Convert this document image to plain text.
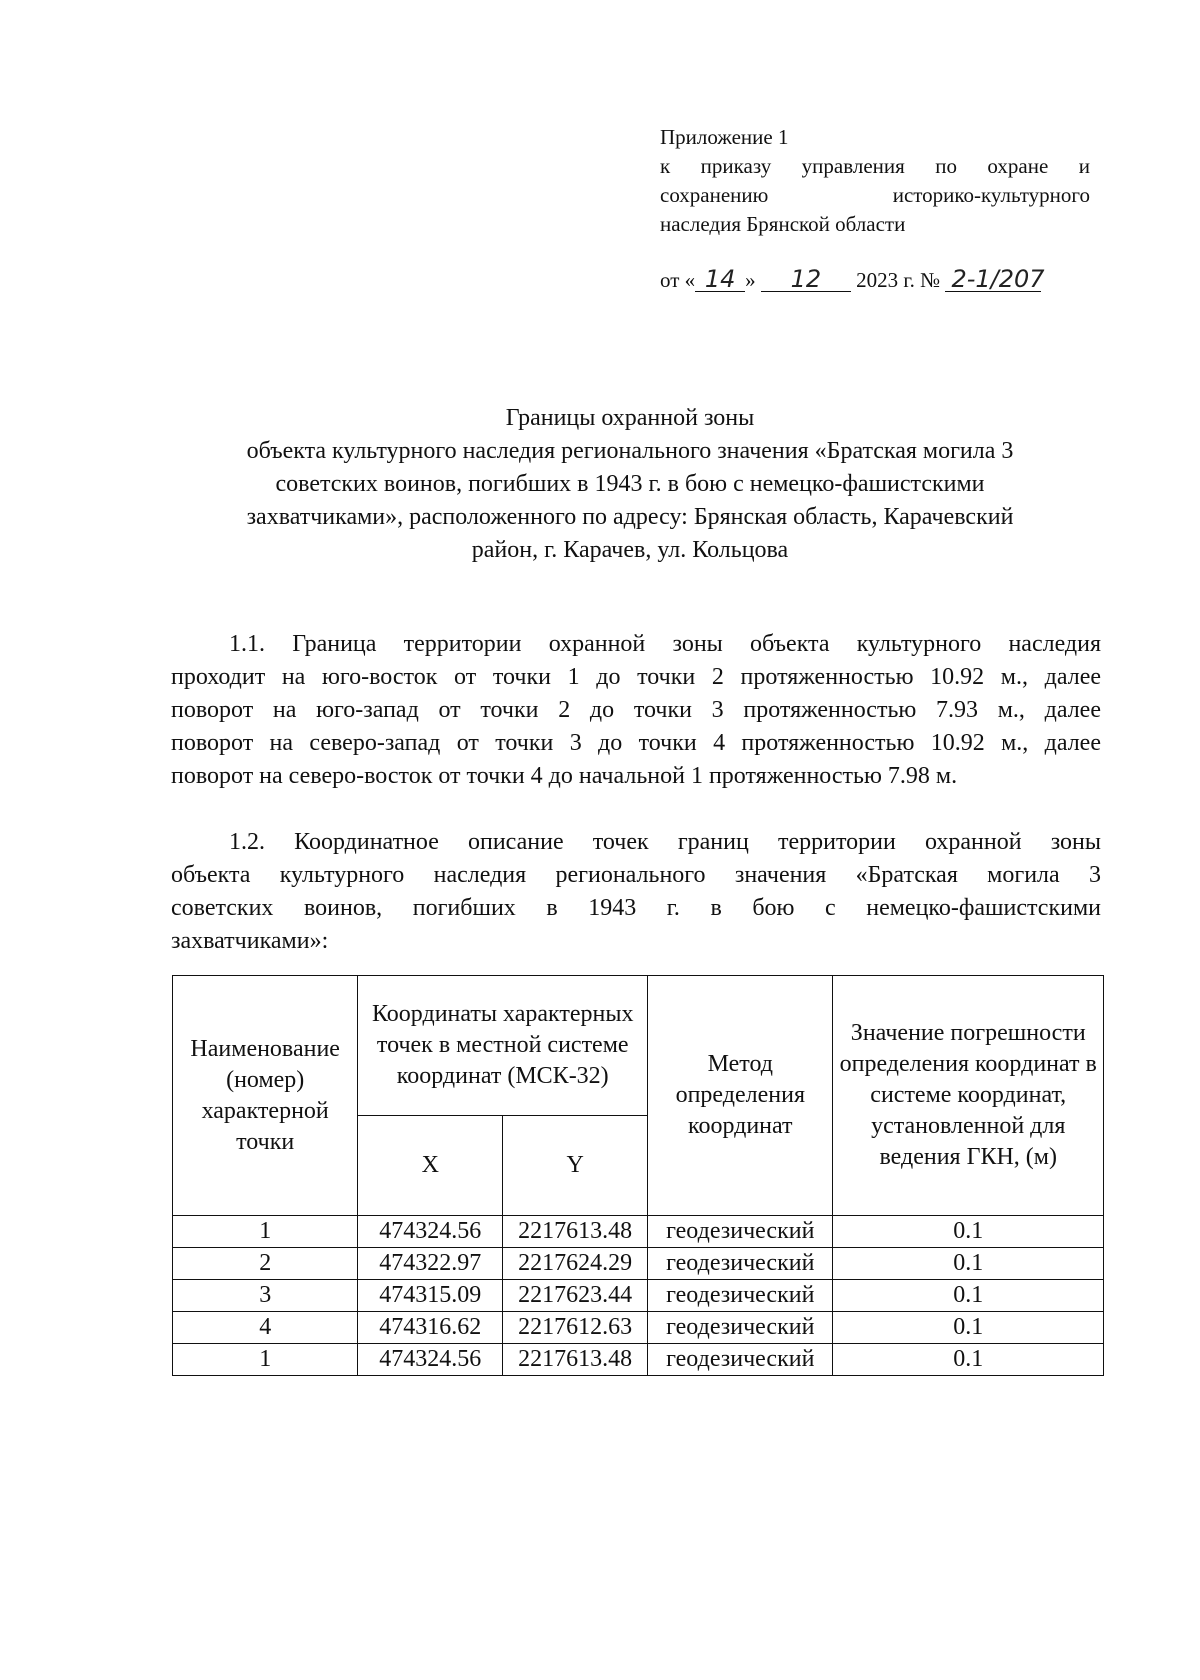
Приложение 1
к приказу управления по охране и
сохранению историко-культурного
наследия Брянской области
от « 14 » 12 2023 г. № 2-1/207
Границы охранной зоны
объекта культурного наследия регионального значения «Братская могила 3
советских воинов, погибших в 1943 г. в бою с немецко-фашистскими
захватчиками», расположенного по адресу: Брянская область, Карачевский
район, г. Карачев, ул. Кольцова
1.1. Граница территории охранной зоны объекта культурного наследия
проходит на юго-восток от точки 1 до точки 2 протяженностью 10.92 м., далее
поворот на юго-запад от точки 2 до точки 3 протяженностью 7.93 м., далее
поворот на северо-запад от точки 3 до точки 4 протяженностью 10.92 м., далее
поворот на северо-восток от точки 4 до начальной 1 протяженностью 7.98 м.
1.2. Координатное описание точек границ территории охранной зоны
объекта культурного наследия регионального значения «Братская могила 3
советских воинов, погибших в 1943 г. в бою с немецко-фашистскими
захватчиками»:
Наименование (номер) характерной точки	Координаты характерных точек в местной системе координат (МСК-32)		Метод определения координат	Значение погрешности определения координат в системе координат, установленной для ведения ГКН, (м)
	X	Y		
1	474324.56	2217613.48	геодезический	0.1
2	474322.97	2217624.29	геодезический	0.1
3	474315.09	2217623.44	геодезический	0.1
4	474316.62	2217612.63	геодезический	0.1
1	474324.56	2217613.48	геодезический	0.1
